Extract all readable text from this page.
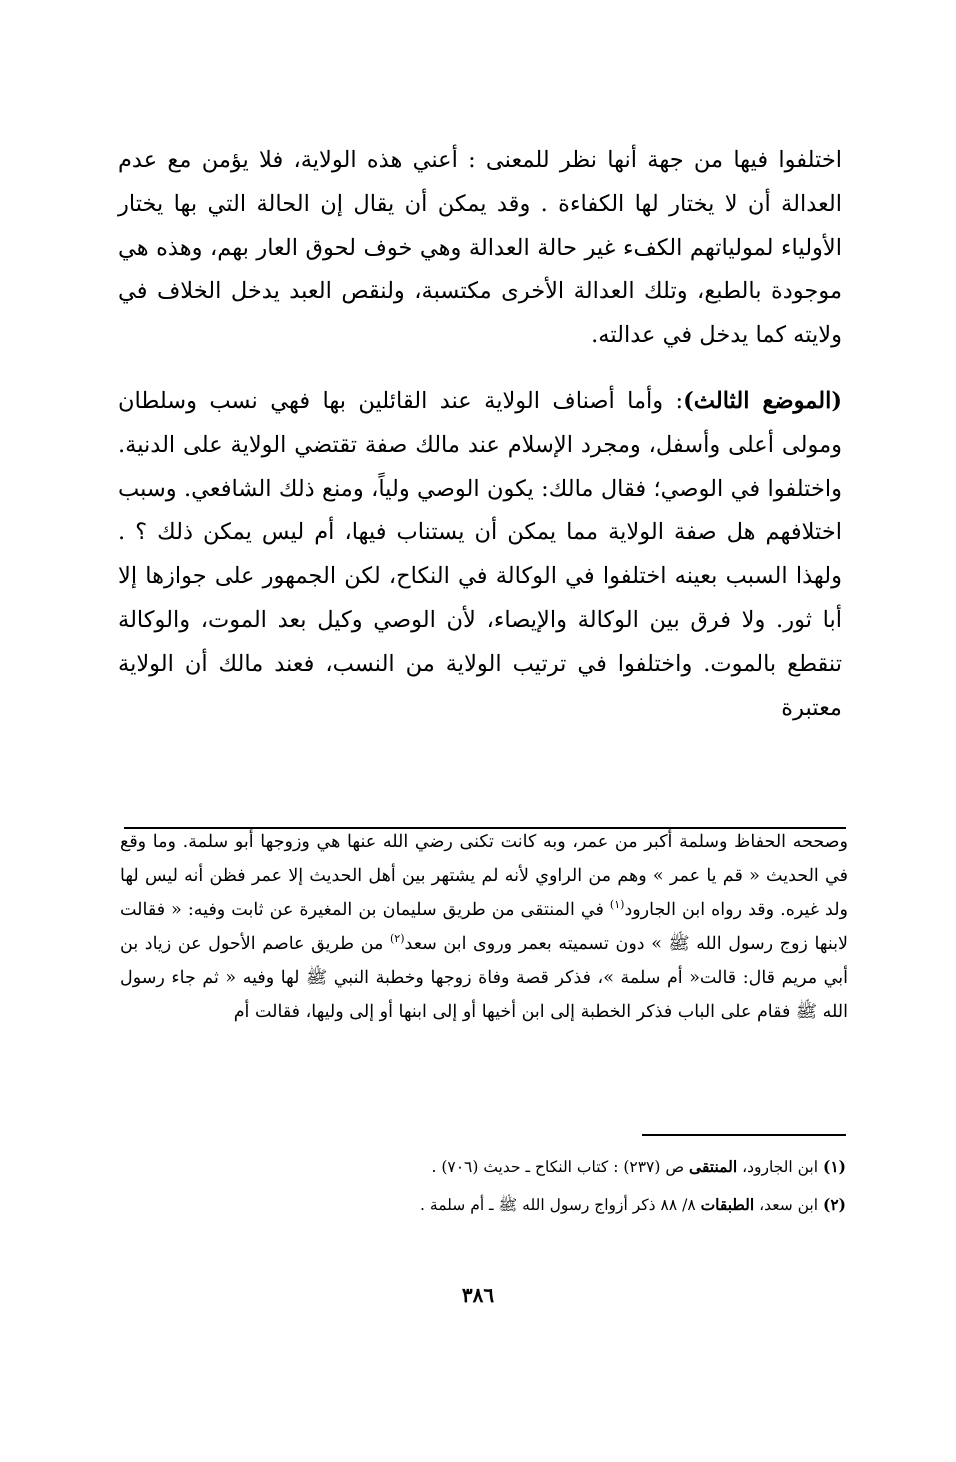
اختلفوا فيها من جهة أنها نظر للمعنى : أعني هذه الولاية، فلا يؤمن مع عدم العدالة أن لا يختار لها الكفاءة . وقد يمكن أن يقال إن الحالة التي بها يختار الأولياء لمولياتهم الكفء غير حالة العدالة وهي خوف لحوق العار بهم، وهذه هي موجودة بالطبع، وتلك العدالة الأخرى مكتسبة، ولنقص العبد يدخل الخلاف في ولايته كما يدخل في عدالته.

(الموضع الثالث): وأما أصناف الولاية عند القائلين بها فهي نسب وسلطان ومولى أعلى وأسفل، ومجرد الإسلام عند مالك صفة تقتضي الولاية على الدنية. واختلفوا في الوصي؛ فقال مالك: يكون الوصي ولياً، ومنع ذلك الشافعي. وسبب اختلافهم هل صفة الولاية مما يمكن أن يستناب فيها، أم ليس يمكن ذلك ؟ . ولهذا السبب بعينه اختلفوا في الوكالة في النكاح، لكن الجمهور على جوازها إلا أبا ثور. ولا فرق بين الوكالة والإيصاء، لأن الوصي وكيل بعد الموت، والوكالة تنقطع بالموت. واختلفوا في ترتيب الولاية من النسب، فعند مالك أن الولاية معتبرة

وصححه الحفاظ وسلمة أكبر من عمر، وبه كانت تكنى رضي الله عنها هي وزوجها أبو سلمة. وما وقع في الحديث « قم يا عمر » وهم من الراوي لأنه لم يشتهر بين أهل الحديث إلا عمر فظن أنه ليس لها ولد غيره. وقد رواه ابن الجارود$^{(١)}$ في المنتقى من طريق سليمان بن المغيرة عن ثابت وفيه: « فقالت لابنها زوج رسول الله ﷺ » دون تسميته بعمر وروى ابن سعد$^{(٢)}$ من طريق عاصم الأحول عن زياد بن أبي مريم قال: قالت« أم سلمة »، فذكر قصة وفاة زوجها وخطبة النبي ﷺ لها وفيه « ثم جاء رسول الله ﷺ فقام على الباب فذكر الخطبة إلى ابن أخيها أو إلى ابنها أو إلى وليها، فقالت أم

(١) ابن الجارود، المنتقى ص (٢٣٧) : كتاب النكاح ـ حديث (٧٠٦) .
(٢) ابن سعد، الطبقات ٨/ ٨٨ ذكر أزواج رسول الله ﷺ ـ أم سلمة .
٣٨٦
